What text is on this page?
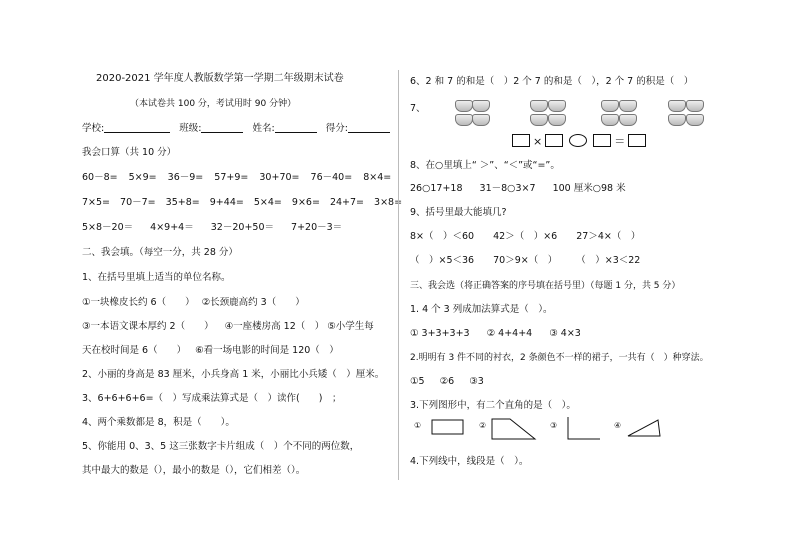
2020-2021 学年度人教版数学第一学期二年级期末试卷
（本试卷共 100 分，考试用时 90 分钟）
学校:	班级:	姓名:	得分:
我会口算（共 10 分）
60－8= 5×9= 36－9= 57+9= 30+70= 76－40= 8×4=
7×5= 70－7= 35+8= 9+44= 5×4= 9×6= 24+7= 3×8=
5×8－20＝ 4×9+4＝ 32－20+50＝ 7+20－3＝
二、我会填。（每空一分，共 28 分）
1、在括号里填上适当的单位名称。
①一块橡皮长约 6（　　） ②长颈鹿高约 3（　　）
③一本语文课本厚约 2（　　） ④一座楼房高 12（　） ⑤小学生每
天在校时间是 6（　　） ⑥看一场电影的时间是 120（　）
2、小丽的身高是 83 厘米，小兵身高 1 米，小丽比小兵矮（　）厘米。
3、6+6+6+6=（　）写成乘法算式是（　）读作(　　)　；
4、两个乘数都是 8，积是（　　）。
5、你能用 0、3、5 这三张数字卡片组成（　）个不同的两位数，
其中最大的数是（），最小的数是（），它们相差（）。
6、2 和 7 的和是（　）2 个 7 的和是（　），2 个 7 的积是（　）
7、
×	＝
8、在○里填上“ ＞”、“＜”或“=”。
26○17+18 31－8○3×7 100 厘米○98 米
9、括号里最大能填几?
8×（　）＜60 42＞（　）×6 27＞4×（　）
（　）×5＜36 70＞9×（　） （　）×3＜22
三、我会选（将正确答案的序号填在括号里）（每题 1 分，共 5 分）
1. 4 个 3 列成加法算式是（　）。
① 3+3+3+3 ② 4+4+4 ③ 4×3
2.明明有 3 件不同的衬衣，2 条颜色不一样的裙子，一共有（　）种穿法。
①5 ②6 ③3
3.下列图形中，有二个直角的是（　）。
①	②	③	④
4.下列线中，线段是（　）。
